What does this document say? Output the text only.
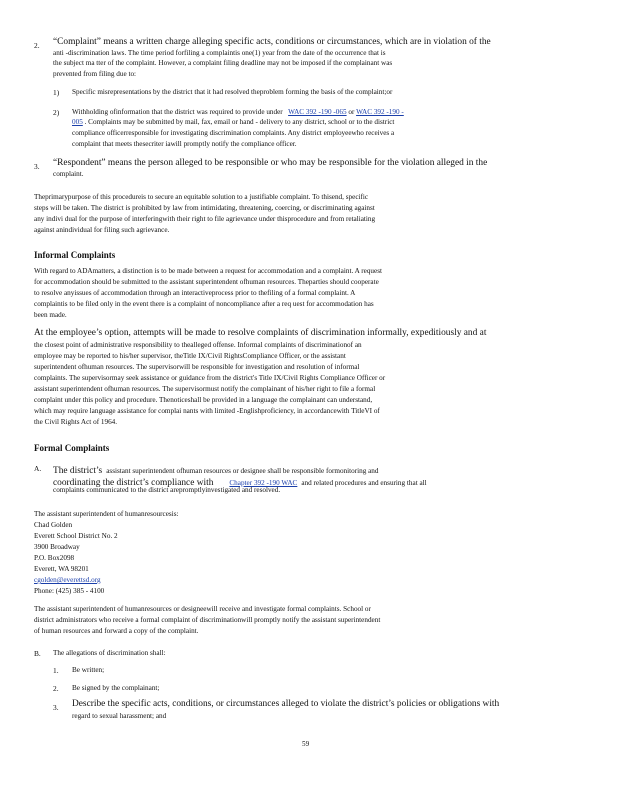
2. “Complaint” means a written charge alleging specific acts, conditions or circumstances, which are in violation of the
anti -discrimination laws. The time period forfiling a complaintis one(1) year from the date of the occurrence that is
the subject ma tter of the complaint. However, a complaint filing deadline may not be imposed if the complainant was
prevented from filing due to:
1) Specific misrepresentations by the district that it had resolved theproblem forming the basis of the complaint;or
2) Withholding ofinformation that the district was required to provide under WAC 392 -190 -065 or WAC 392 -190 -
005 . Complaints may be submitted by mail, fax, email or hand - delivery to any district, school or to the district
compliance officerresponsible for investigating discrimination complaints. Any district employeewho receives a
complaint that meets thesecriter iawill promptly notify the compliance officer.
3. “Respondent” means the person alleged to be responsible or who may be responsible for the violation alleged in the
complaint.
Theprimarypurpose of this procedureis to secure an equitable solution to a justifiable complaint. To thisend, specific
steps will be taken. The district is prohibited by law from intimidating, threatening, coercing, or discriminating against
any indivi dual for the purpose of interferingwith their right to file agrievance under thisprocedure and from retaliating
against anindividual for filing such agrievance.
Informal Complaints
With regard to ADAmatters, a distinction is to be made between a request for accommodation and a complaint. A request
for accommodation should be submitted to the assistant superintendent ofhuman resources. Theparties should cooperate
to resolve anyissues of accommodation through an interactiveprocess prior to thefiling of a formal complaint. A
complaintis to be filed only in the event there is a complaint of noncompliance after a req uest for accommodation has
been made.
At the employee’s option, attempts will be made to resolve complaints of discrimination informally, expeditiously and at
the closest point of administrative responsibility to thealleged offense. Informal complaints of discriminationof an
employee may be reported to his/her supervisor, theTitle IX/Civil RightsCompliance Officer, or the assistant
superintendent ofhuman resources. The supervisorwill be responsible for investigation and resolution of informal
complaints. The supervisormay seek assistance or guidance from the district's Title IX/Civil Rights Compliance Officer or
assistant superintendent ofhuman resources. The supervisormust notify the complainant of his/her right to file a formal
complaint under this policy and procedure. Thenoticeshall be provided in a language the complainant can understand,
which may require language assistance for complai nants with limited -Englishproficiency, in accordancewith TitleVI of
the Civil Rights Act of 1964.
Formal Complaints
A. The district’s assistant superintendent ofhuman resources or designee shall be responsible formonitoring and
coordinating the district’s compliance with Chapter 392 -190 WAC and related procedures and ensuring that all
complaints communicated to the district arepromptlyinvestigated and resolved.
The assistant superintendent of humanresourcesis:
Chad Golden
Everett School District No. 2
3900 Broadway
P.O. Box2098
Everett, WA 98201
cgolden@everettsd.org
Phone: (425) 385 - 4100
The assistant superintendent of humanresources or designeewill receive and investigate formal complaints. School or
district administrators who receive a formal complaint of discriminationwill promptly notify the assistant superintendent
of human resources and forward a copy of the complaint.
B. The allegations of discrimination shall:
1. Be written;
2. Be signed by the complainant;
3. Describe the specific acts, conditions, or circumstances alleged to violate the district’s policies or obligations with
regard to sexual harassment; and
59
